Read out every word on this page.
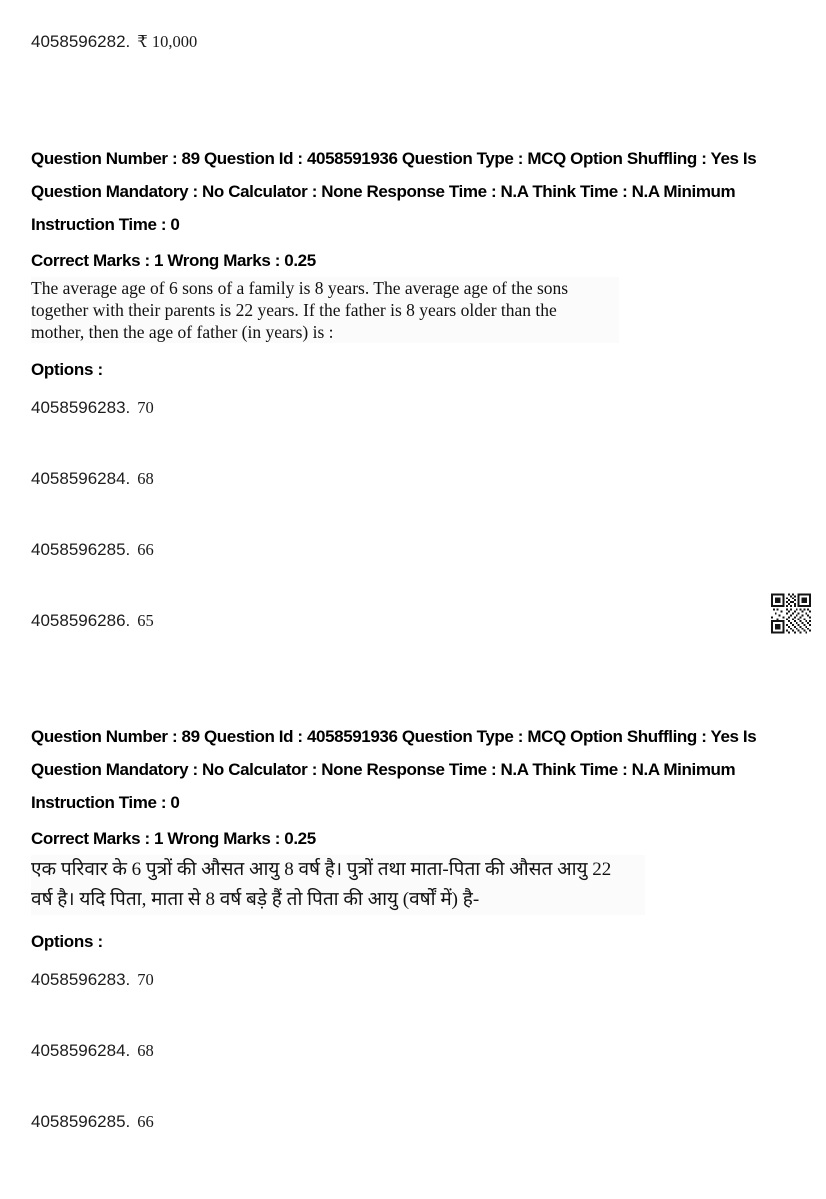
4058596282. ₹ 10,000
Question Number : 89 Question Id : 4058591936 Question Type : MCQ Option Shuffling : Yes Is
Question Mandatory : No Calculator : None Response Time : N.A Think Time : N.A Minimum
Instruction Time : 0
Correct Marks : 1 Wrong Marks : 0.25
The average age of 6 sons of a family is 8 years. The average age of the sons
together with their parents is 22 years. If the father is 8 years older than the
mother, then the age of father (in years) is :
Options :
4058596283. 70
4058596284. 68
4058596285. 66
4058596286. 65
Question Number : 89 Question Id : 4058591936 Question Type : MCQ Option Shuffling : Yes Is
Question Mandatory : No Calculator : None Response Time : N.A Think Time : N.A Minimum
Instruction Time : 0
Correct Marks : 1 Wrong Marks : 0.25
एक परिवार के 6 पुत्रों की औसत आयु 8 वर्ष है। पुत्रों तथा माता-पिता की औसत आयु 22
वर्ष है। यदि पिता, माता से 8 वर्ष बड़े हैं तो पिता की आयु (वर्षों में) है-
Options :
4058596283. 70
4058596284. 68
4058596285. 66
